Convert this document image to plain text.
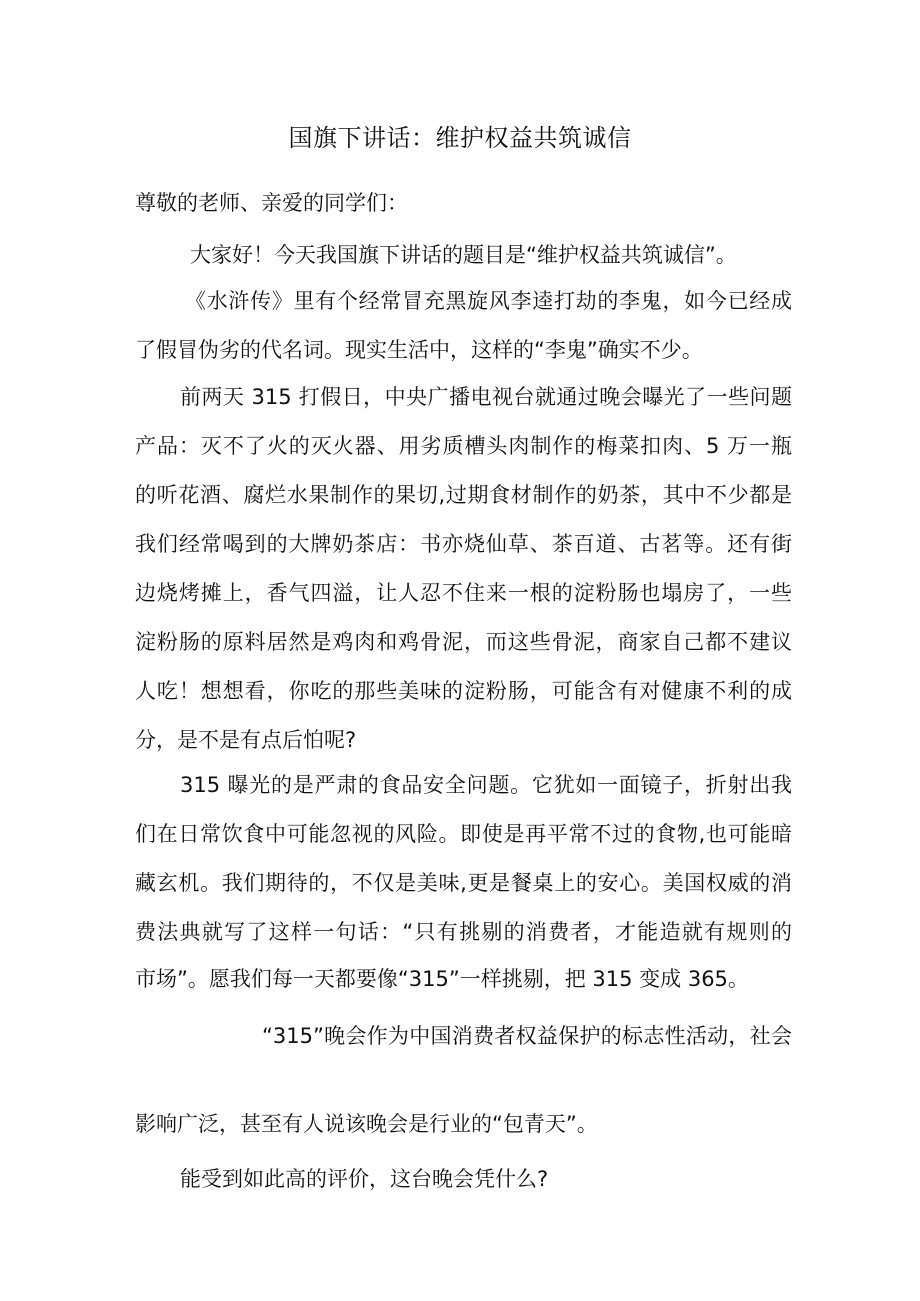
国旗下讲话：维护权益共筑诚信
尊敬的老师、亲爱的同学们：
大家好！今天我国旗下讲话的题目是“维护权益共筑诚信”。
《水浒传》里有个经常冒充黑旋风李逵打劫的李鬼，如今已经成
了假冒伪劣的代名词。现实生活中，这样的“李鬼”确实不少。
前两天 315 打假日，中央广播电视台就通过晚会曝光了一些问题
产品：灭不了火的灭火器、用劣质槽头肉制作的梅菜扣肉、5 万一瓶
的听花酒、腐烂水果制作的果切,过期食材制作的奶茶，其中不少都是
我们经常喝到的大牌奶茶店：书亦烧仙草、茶百道、古茗等。还有街
边烧烤摊上，香气四溢，让人忍不住来一根的淀粉肠也塌房了，一些
淀粉肠的原料居然是鸡肉和鸡骨泥，而这些骨泥，商家自己都不建议
人吃！想想看，你吃的那些美味的淀粉肠，可能含有对健康不利的成
分，是不是有点后怕呢?
315 曝光的是严肃的食品安全问题。它犹如一面镜子，折射出我
们在日常饮食中可能忽视的风险。即使是再平常不过的食物,也可能暗
藏玄机。我们期待的，不仅是美味,更是餐桌上的安心。美国权威的消
费法典就写了这样一句话：“只有挑剔的消费者，才能造就有规则的
市场”。愿我们每一天都要像“315”一样挑剔，把 315 变成 365。
“315”晚会作为中国消费者权益保护的标志性活动，社会
影响广泛，甚至有人说该晚会是行业的“包青天”。
能受到如此高的评价，这台晚会凭什么?
